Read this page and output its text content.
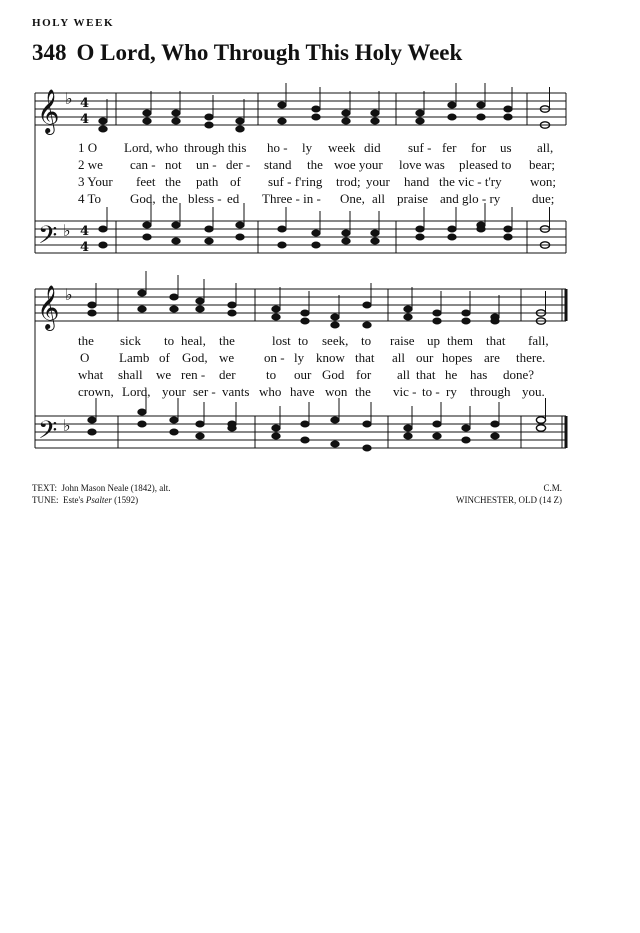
HOLY WEEK
348 O Lord, Who Through This Holy Week
𝄞
𝄢
♭
♭
4
4
4
4
𝄞
𝄢
♭
♭
1 O Lord, who through this ho - ly week did suf - fer for us all,
2 we can - not un - der - stand the woe your love was pleased to bear;
3 Your feet the path of suf - f'ring trod; your hand the vic - t'ry won;
4 To God, the bless - ed Three - in - One, all praise and glo - ry due;
the sick to heal, the	lost to seek, to raise up them that fall,
O Lamb of God, we on - ly know that all our hopes are there.
what shall we ren - der to our God for all that he has done?
crown, Lord, your ser - vants who have won the vic - to - ry through you.
TEXT: John Mason Neale (1842), alt.
TUNE: Este's Psalter (1592)
C.M.
WINCHESTER, OLD (14 Z)
